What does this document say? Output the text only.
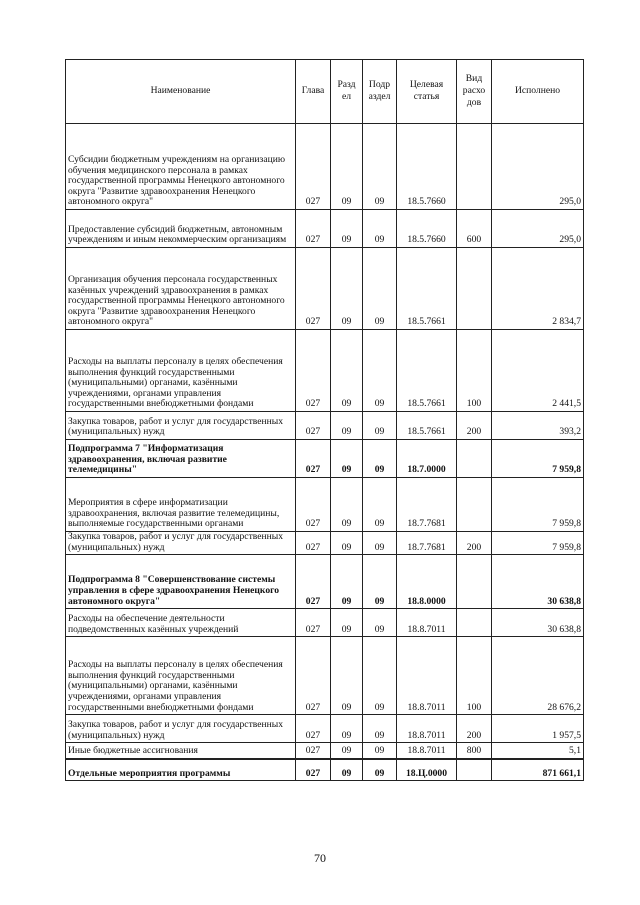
Наименование	Глава	Разд ел	Подр аздел	Целевая статья	Вид расхо дов	Исполнено
Субсидии бюджетным учреждениям на организацию обучения медицинского персонала в рамках государственной программы Ненецкого автономного округа "Развитие здравоохранения Ненецкого автономного округа"	027	09	09	18.5.7660		295,0
Предоставление субсидий бюджетным, автономным учреждениям и иным некоммерческим организациям	027	09	09	18.5.7660	600	295,0
Организация обучения персонала государственных казённых учреждений здравоохранения в рамках государственной программы Ненецкого автономного округа "Развитие здравоохранения Ненецкого автономного округа"	027	09	09	18.5.7661		2 834,7
Расходы на выплаты персоналу в целях обеспечения выполнения функций государственными (муниципальными) органами, казёнными учреждениями, органами управления государственными внебюджетными фондами	027	09	09	18.5.7661	100	2 441,5
Закупка товаров, работ и услуг для государственных (муниципальных) нужд	027	09	09	18.5.7661	200	393,2
Подпрограмма 7 "Информатизация здравоохранения, включая развитие телемедицины"	027	09	09	18.7.0000		7 959,8
Мероприятия в сфере информатизации здравоохранения, включая развитие телемедицины, выполняемые государственными органами	027	09	09	18.7.7681		7 959,8
Закупка товаров, работ и услуг для государственных (муниципальных) нужд	027	09	09	18.7.7681	200	7 959,8
Подпрограмма 8 "Совершенствование системы управления в сфере здравоохранения Ненецкого автономного округа"	027	09	09	18.8.0000		30 638,8
Расходы на обеспечение деятельности подведомственных казённых учреждений	027	09	09	18.8.7011		30 638,8
Расходы на выплаты персоналу в целях обеспечения выполнения функций государственными (муниципальными) органами, казёнными учреждениями, органами управления государственными внебюджетными фондами	027	09	09	18.8.7011	100	28 676,2
Закупка товаров, работ и услуг для государственных (муниципальных) нужд	027	09	09	18.8.7011	200	1 957,5
Иные бюджетные ассигнования	027	09	09	18.8.7011	800	5,1
Отдельные мероприятия программы	027	09	09	18.Ц.0000		871 661,1
70
